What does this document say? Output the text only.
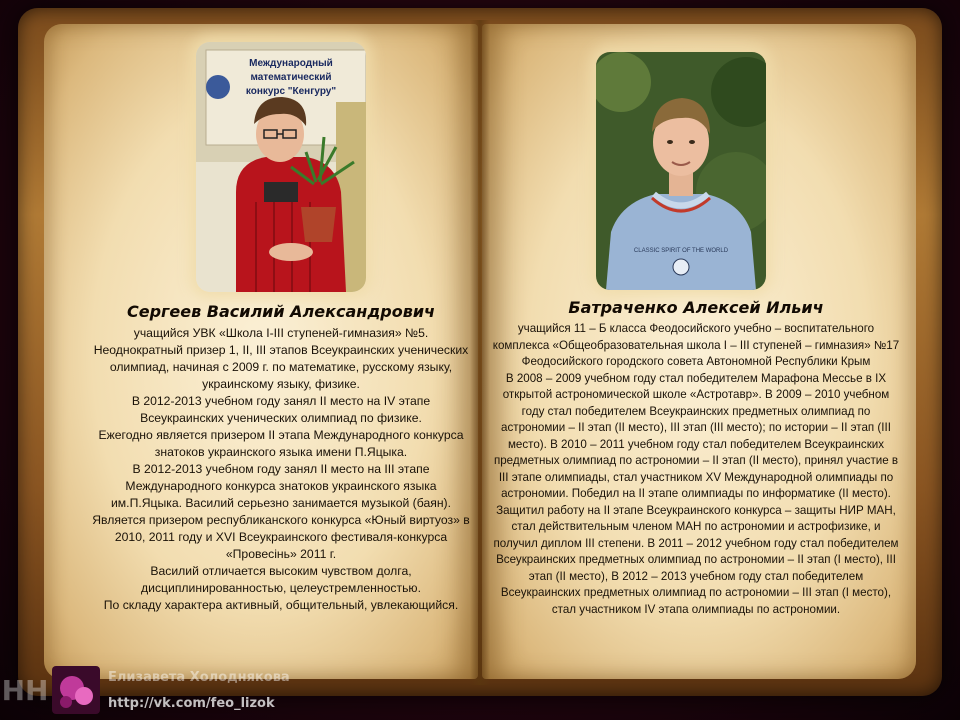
Международный
математический
конкурс "Кенгуру"
CLASSIC SPIRIT OF THE WORLD
Сергеев Василий Александрович

учащийся УВК «Школа I-III ступеней-гимназия» №5. Неоднократный призер 1, II, III этапов Всеукраинских ученических олимпиад, начиная с 2009 г. по математике, русскому языку, украинскому языку, физике.

В 2012-2013 учебном году занял II место на IV этапе Всеукраинских ученических олимпиад по физике.

Ежегодно является призером II этапа Международного конкурса знатоков украинского языка имени П.Яцыка.

В 2012-2013 учебном году занял II место на III этапе Международного конкурса знатоков украинского языка им.П.Яцыка. Василий серьезно занимается музыкой (баян). Является призером республиканского конкурса «Юный виртуоз» в 2010, 2011 году и XVI Всеукраинского фестиваля-конкурса «Провесінь» 2011 г.

Василий отличается высоким чувством долга, дисциплинированностью, целеустремленностью.

По складу характера активный, общительный, увлекающийся.

Батраченко Алексей Ильич

учащийся 11 – Б класса Феодосийского учебно – воспитательного комплекса «Общеобразовательная школа I – III ступеней – гимназия» №17 Феодосийского городского совета Автономной Республики Крым

В 2008 – 2009 учебном году стал победителем Марафона Мессье в IX открытой астрономической школе «Астротавр». В 2009 – 2010 учебном году стал победителем Всеукраинских предметных олимпиад по астрономии – II этап (II место), III этап (III место); по истории – II этап (III место). В 2010 – 2011 учебном году стал победителем Всеукраинских предметных олимпиад по астрономии – II этап (II место), принял участие в III этапе олимпиады, стал участником XV Международной олимпиады по астрономии. Победил на II этапе олимпиады по информатике (II место). Защитил работу на II этапе Всеукраинского конкурса – защиты НИР МАН, стал действительным членом МАН по астрономии и астрофизике, и получил диплом III степени. В 2011 – 2012 учебном году стал победителем Всеукраинских предметных олимпиад по астрономии – II этап (I место), III этап (II место), В 2012 – 2013 учебном году стал победителем Всеукраинских предметных олимпиад по астрономии – III этап (I место), стал участником IV этапа олимпиады по астрономии.

НН	Елизавета Холоднякова
http://vk.com/feo_lizok
